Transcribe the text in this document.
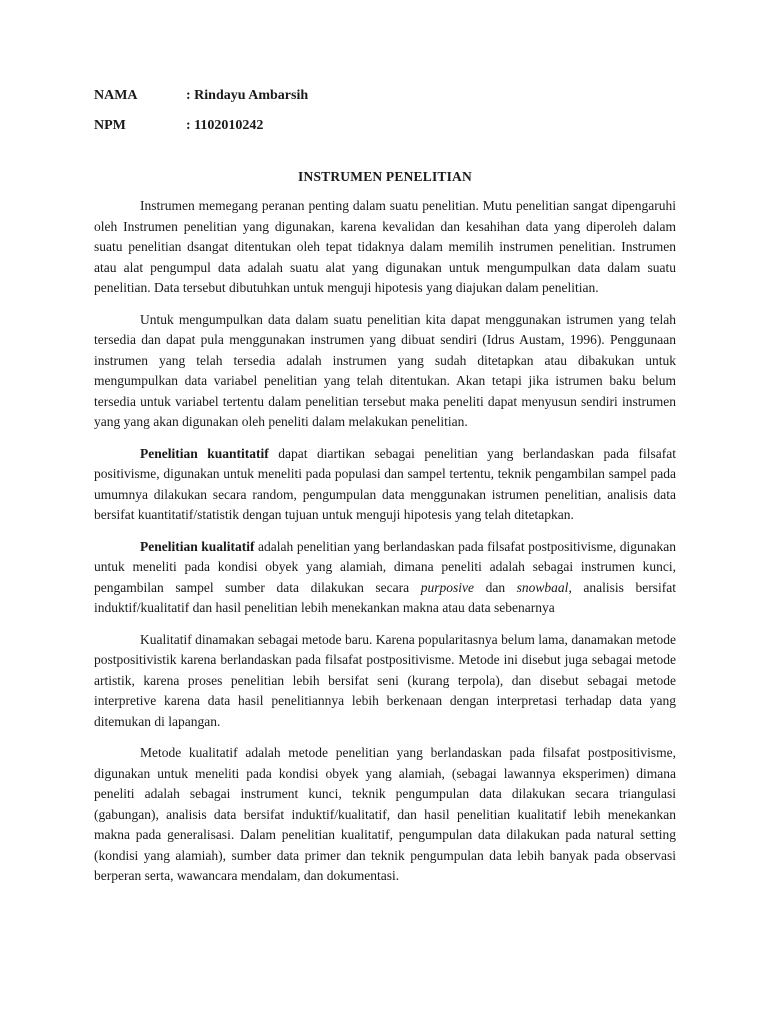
NAMA	: Rindayu Ambarsih
NPM	: 1102010242
INSTRUMEN PENELITIAN

Instrumen memegang peranan penting dalam suatu penelitian. Mutu penelitian sangat dipengaruhi oleh Instrumen penelitian yang digunakan, karena kevalidan dan kesahihan data yang diperoleh dalam suatu penelitian dsangat ditentukan oleh tepat tidaknya dalam memilih instrumen penelitian. Instrumen atau alat pengumpul data adalah suatu alat yang digunakan untuk mengumpulkan data dalam suatu penelitian. Data tersebut dibutuhkan untuk menguji hipotesis yang diajukan dalam penelitian.

Untuk mengumpulkan data dalam suatu penelitian kita dapat menggunakan istrumen yang telah tersedia dan dapat pula menggunakan instrumen yang dibuat sendiri (Idrus Austam, 1996). Penggunaan instrumen yang telah tersedia adalah instrumen yang sudah ditetapkan atau dibakukan untuk mengumpulkan data variabel penelitian yang telah ditentukan. Akan tetapi jika istrumen baku belum tersedia untuk variabel tertentu dalam penelitian tersebut maka peneliti dapat menyusun sendiri instrumen yang yang akan digunakan oleh peneliti dalam melakukan penelitian.

Penelitian kuantitatif dapat diartikan sebagai penelitian yang berlandaskan pada filsafat positivisme, digunakan untuk meneliti pada populasi dan sampel tertentu, teknik pengambilan sampel pada umumnya dilakukan secara random, pengumpulan data menggunakan istrumen penelitian, analisis data bersifat kuantitatif/statistik dengan tujuan untuk menguji hipotesis yang telah ditetapkan.

Penelitian kualitatif adalah penelitian yang berlandaskan pada filsafat postpositivisme, digunakan untuk meneliti pada kondisi obyek yang alamiah, dimana peneliti adalah sebagai instrumen kunci, pengambilan sampel sumber data dilakukan secara purposive dan snowbaal, analisis bersifat induktif/kualitatif dan hasil penelitian lebih menekankan makna atau data sebenarnya

Kualitatif dinamakan sebagai metode baru. Karena popularitasnya belum lama, danamakan metode postpositivistik karena berlandaskan pada filsafat postpositivisme. Metode ini disebut juga sebagai metode artistik, karena proses penelitian lebih bersifat seni (kurang terpola), dan disebut sebagai metode interpretive karena data hasil penelitiannya lebih berkenaan dengan interpretasi terhadap data yang ditemukan di lapangan.

Metode kualitatif adalah metode penelitian yang berlandaskan pada filsafat postpositivisme, digunakan untuk meneliti pada kondisi obyek yang alamiah, (sebagai lawannya eksperimen) dimana peneliti adalah sebagai instrument kunci, teknik pengumpulan data dilakukan secara triangulasi (gabungan), analisis data bersifat induktif/kualitatif, dan hasil penelitian kualitatif lebih menekankan makna pada generalisasi. Dalam penelitian kualitatif, pengumpulan data dilakukan pada natural setting (kondisi yang alamiah), sumber data primer dan teknik pengumpulan data lebih banyak pada observasi berperan serta, wawancara mendalam, dan dokumentasi.
